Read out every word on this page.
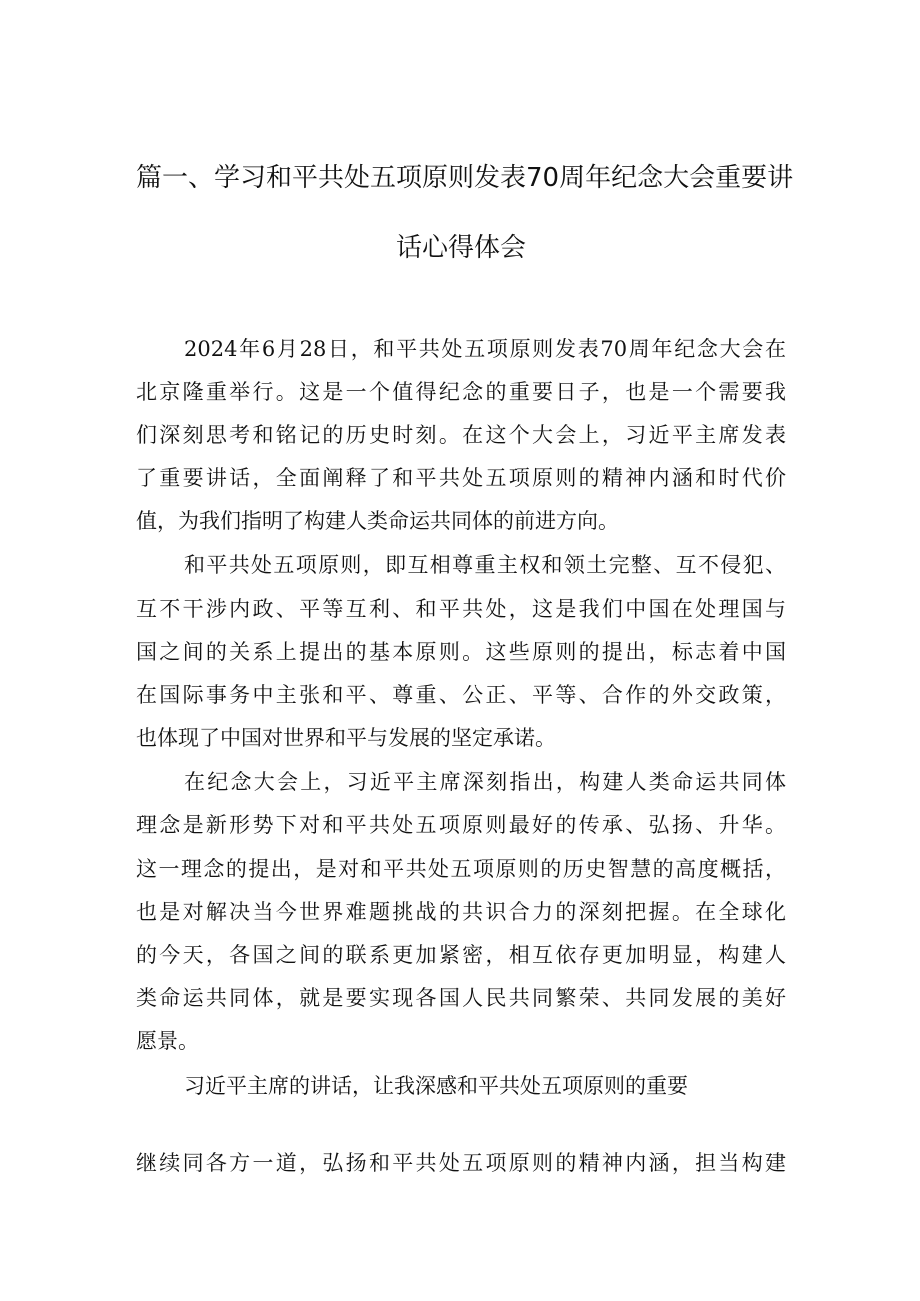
篇一、学习和平共处五项原则发表70周年纪念大会重要讲
话心得体会
2024年6月28日，和平共处五项原则发表70周年纪念大会在
北京隆重举行。这是一个值得纪念的重要日子，也是一个需要我
们深刻思考和铭记的历史时刻。在这个大会上，习近平主席发表
了重要讲话，全面阐释了和平共处五项原则的精神内涵和时代价
值，为我们指明了构建人类命运共同体的前进方向。
和平共处五项原则，即互相尊重主权和领土完整、互不侵犯、
互不干涉内政、平等互利、和平共处，这是我们中国在处理国与
国之间的关系上提出的基本原则。这些原则的提出，标志着中国
在国际事务中主张和平、尊重、公正、平等、合作的外交政策，
也体现了中国对世界和平与发展的坚定承诺。
在纪念大会上，习近平主席深刻指出，构建人类命运共同体
理念是新形势下对和平共处五项原则最好的传承、弘扬、升华。
这一理念的提出，是对和平共处五项原则的历史智慧的高度概括，
也是对解决当今世界难题挑战的共识合力的深刻把握。在全球化
的今天，各国之间的联系更加紧密，相互依存更加明显，构建人
类命运共同体，就是要实现各国人民共同繁荣、共同发展的美好
愿景。
习近平主席的讲话，让我深感和平共处五项原则的重要
继续同各方一道，弘扬和平共处五项原则的精神内涵，担当构建
